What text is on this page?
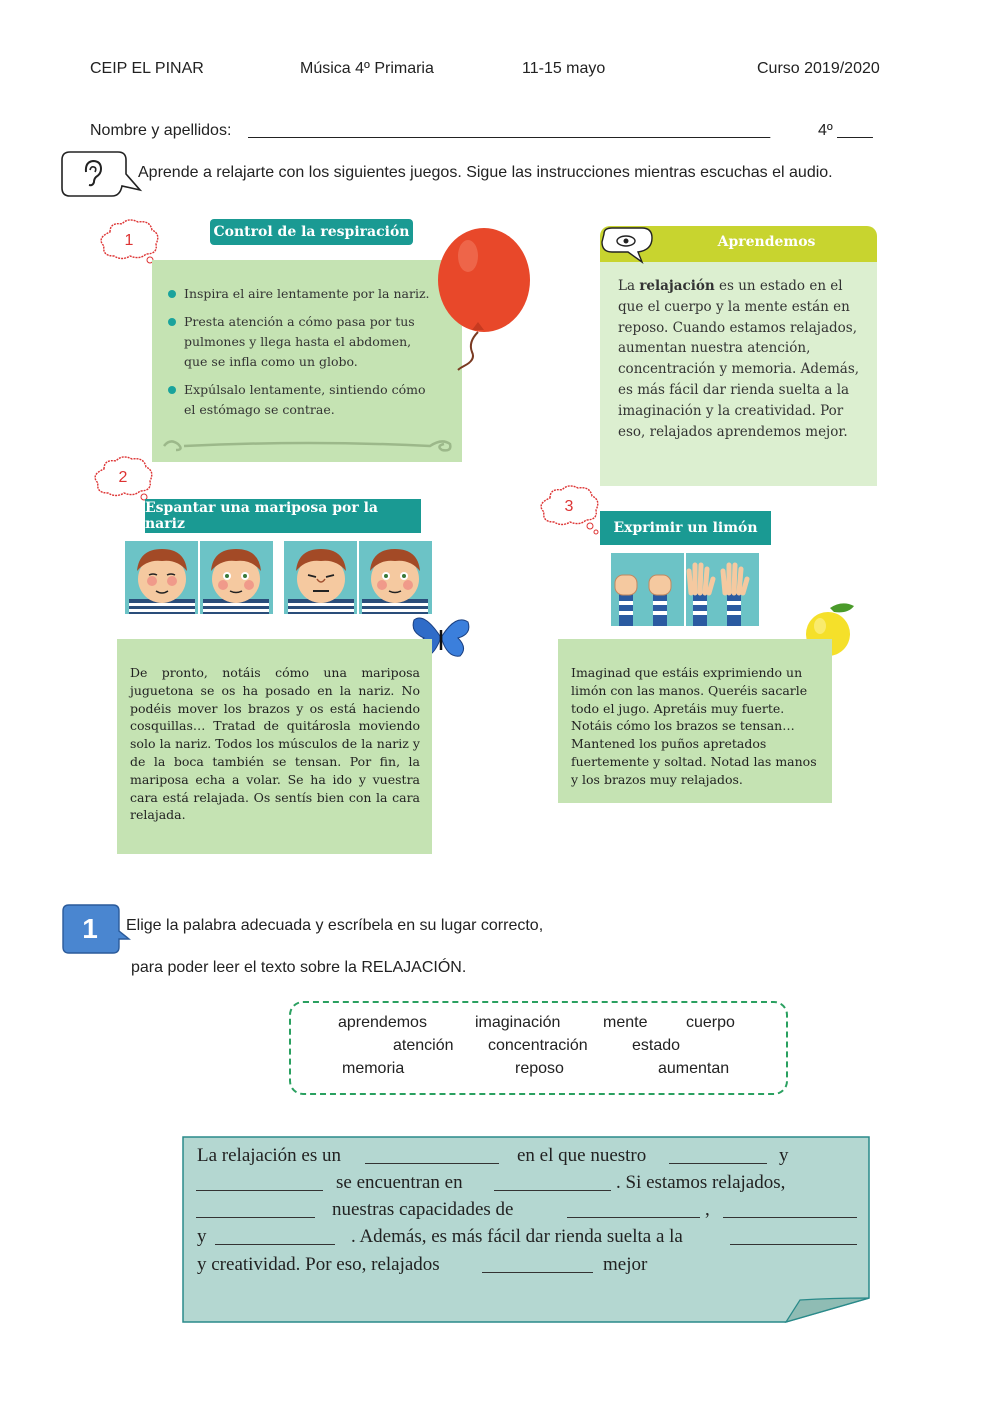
CEIP EL PINAR	Música 4º Primaria	11-15 mayo	Curso 2019/2020
Nombre y apellidos: ____________________________________________________________	4º ____
Aprende a relajarte con los siguientes juegos. Sigue las instrucciones mientras escuchas el audio.
1	Control de la respiración
Inspira el aire lentamente por la nariz.
Presta atención a cómo pasa por tus pulmones y llega hasta el abdomen, que se infla como un globo.
Expúlsalo lentamente, sintiendo cómo el estómago se contrae.
Aprendemos
La relajación es un estado en el que el cuerpo y la mente están en reposo. Cuando estamos relajados, aumentan nuestra atención, concentración y memoria. Además, es más fácil dar rienda suelta a la imaginación y la creatividad. Por eso, relajados aprendemos mejor.
2
Espantar una mariposa por la nariz
De pronto, notáis cómo una mariposa juguetona se os ha posado en la nariz. No podéis mover los brazos y os está haciendo cosquillas… Tratad de quitárosla moviendo solo la nariz. Todos los músculos de la nariz y de la boca también se tensan. Por fin, la mariposa echa a volar. Se ha ido y vuestra cara está relajada. Os sentís bien con la cara relajada.
3
Exprimir un limón
Imaginad que estáis exprimiendo un limón con las manos. Queréis sacarle todo el jugo. Apretáis muy fuerte. Notáis cómo los brazos se tensan… Mantened los puños apretados fuertemente y soltad. Notad las manos y los brazos muy relajados.
1	Elige la palabra adecuada y escríbela en su lugar correcto,
para poder leer el texto sobre la RELAJACIÓN.
aprendemos	imaginación	mente cuerpo
atención concentración	estado
memoria	reposo	aumentan
La relajación es un	en el que nuestro	y
se encuentran en	. Si estamos relajados,
nuestras capacidades de	,
y	. Además, es más fácil dar rienda suelta a la
y creatividad. Por eso, relajados	mejor
